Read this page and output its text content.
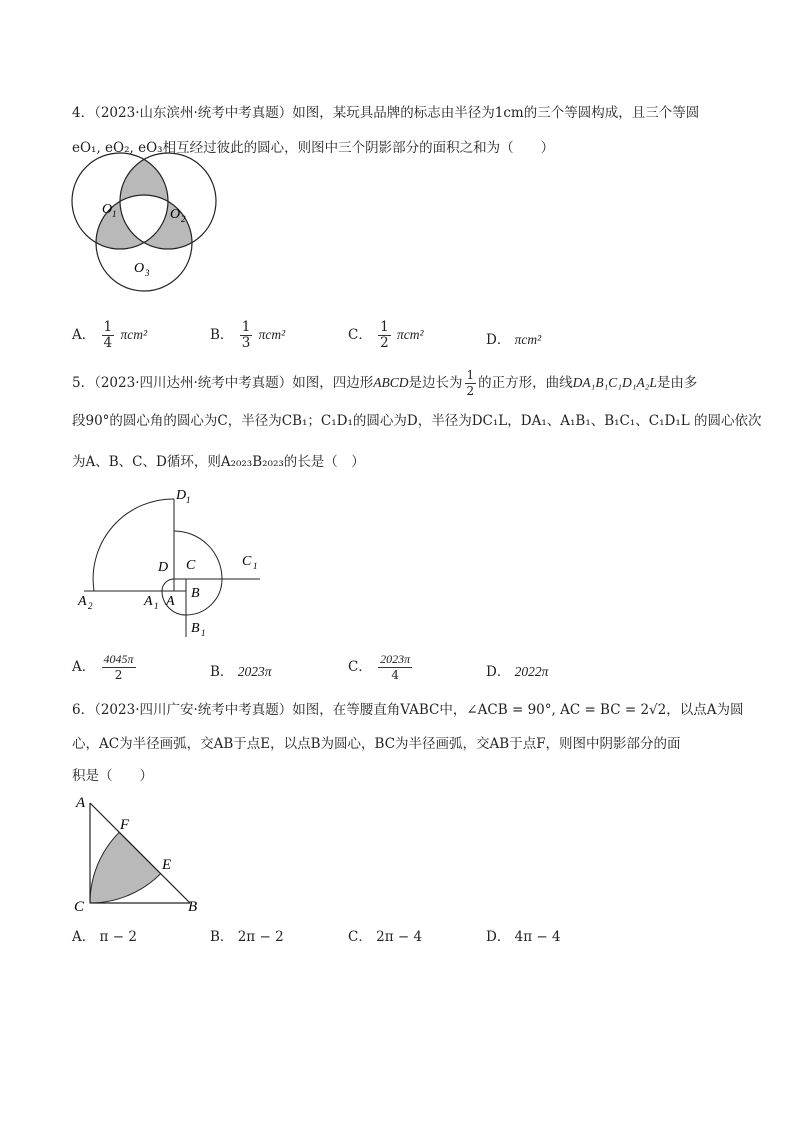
4．（2023·山东滨州·统考中考真题）如图，某玩具品牌的标志由半径为1cm的三个等圆构成，且三个等圆
eO₁, eO₂, eO₃相互经过彼此的圆心，则图中三个阴影部分的面积之和为（　　）
O 1	O 2
O 3
A． $\frac{1}{4} \pi cm^2$	B． $\frac{1}{3} \pi cm^2$	C． $\frac{1}{2} \pi cm^2$	D． πcm²
5．（2023·四川达州·统考中考真题）如图，四边形ABCD是边长为 $\frac{1}{2}$ 的正方形，曲线DA₁B₁C₁D₁A₂L是由多
段90°的圆心角的圆心为C，半径为CB₁；C₁D₁的圆心为D，半径为DC₁L，DA₁、A₁B₁、B₁C₁、C₁D₁L 的圆心依次
为A、B、C、D循环，则A₂₀₂₃B₂₀₂₃的长是（　）
D 1
C 1
D C
A 2	A 1 A
B
B 1
A． $\frac{4045\pi}{2}$	B． 2023π	C． $\frac{2023\pi}{4}$	D． 2022π
6．（2023·四川广安·统考中考真题）如图，在等腰直角VABC中，∠ACB = 90°, AC = BC = 2√2，以点A为圆
心，AC为半径画弧，交AB于点E，以点B为圆心，BC为半径画弧，交AB于点F，则图中阴影部分的面
积是（　　）
A
F
E
C	B
A． π − 2	B． 2π − 2	C． 2π − 4	D． 4π − 4
